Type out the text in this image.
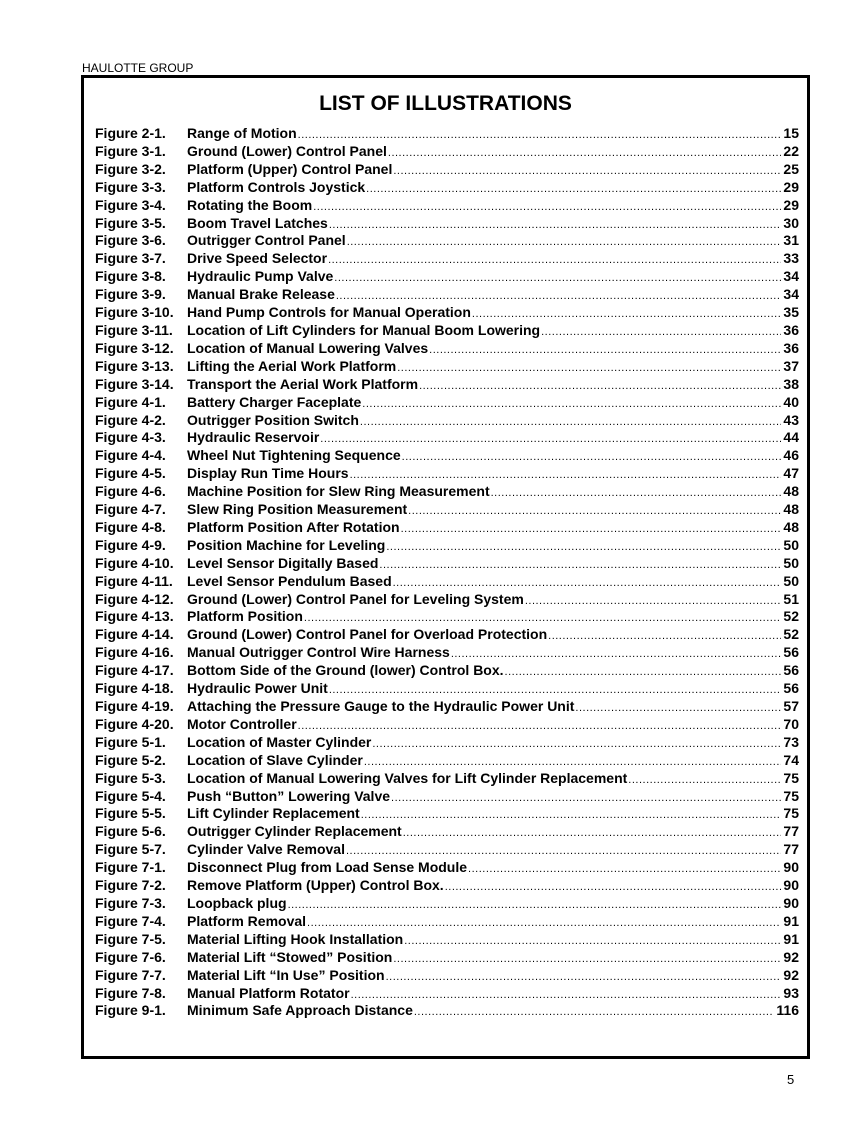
HAULOTTE GROUP
LIST OF ILLUSTRATIONS
Figure 2-1.	Range of Motion .....	15
Figure 3-1.	Ground (Lower) Control Panel .....	22
Figure 3-2.	Platform (Upper) Control Panel .....	25
Figure 3-3.	Platform Controls Joystick .....	29
Figure 3-4.	Rotating the Boom .....	29
Figure 3-5.	Boom Travel Latches .....	30
Figure 3-6.	Outrigger Control Panel .....	31
Figure 3-7.	Drive Speed Selector .....	33
Figure 3-8.	Hydraulic Pump Valve .....	34
Figure 3-9.	Manual Brake Release .....	34
Figure 3-10. Hand Pump Controls for Manual Operation .....	35
Figure 3-11.	Location of Lift Cylinders for Manual Boom Lowering .....	36
Figure 3-12. Location of Manual Lowering Valves .....	36
Figure 3-13. Lifting the Aerial Work Platform .....	37
Figure 3-14. Transport the Aerial Work Platform .....	38
Figure 4-1.	Battery Charger Faceplate .....	40
Figure 4-2.	Outrigger Position Switch .....	43
Figure 4-3.	Hydraulic Reservoir .....	44
Figure 4-4.	Wheel Nut Tightening Sequence .....	46
Figure 4-5.	Display Run Time Hours .....	47
Figure 4-6.	Machine Position for Slew Ring Measurement .....	48
Figure 4-7.	Slew Ring Position Measurement .....	48
Figure 4-8.	Platform Position After Rotation .....	48
Figure 4-9.	Position Machine for Leveling .....	50
Figure 4-10. Level Sensor Digitally Based .....	50
Figure 4-11.	Level Sensor Pendulum Based .....	50
Figure 4-12. Ground (Lower) Control Panel for Leveling System .....	51
Figure 4-13. Platform Position .....	52
Figure 4-14. Ground (Lower) Control Panel for Overload Protection .....	52
Figure 4-16. Manual Outrigger Control Wire Harness .....	56
Figure 4-17. Bottom Side of the Ground (lower) Control Box. .....	56
Figure 4-18. Hydraulic Power Unit .....	56
Figure 4-19. Attaching the Pressure Gauge to the Hydraulic Power Unit .....	57
Figure 4-20. Motor Controller .....	70
Figure 5-1.	Location of Master Cylinder .....	73
Figure 5-2.	Location of Slave Cylinder .....	74
Figure 5-3.	Location of Manual Lowering Valves for Lift Cylinder Replacement .....	75
Figure 5-4.	Push “Button” Lowering Valve .....	75
Figure 5-5.	Lift Cylinder Replacement .....	75
Figure 5-6.	Outrigger Cylinder Replacement .....	77
Figure 5-7.	Cylinder Valve Removal .....	77
Figure 7-1.	Disconnect Plug from Load Sense Module .....	90
Figure 7-2.	Remove Platform (Upper) Control Box. .....	90
Figure 7-3.	Loopback plug .....	90
Figure 7-4.	Platform Removal .....	91
Figure 7-5.	Material Lifting Hook Installation .....	91
Figure 7-6.	Material Lift “Stowed” Position .....	92
Figure 7-7.	Material Lift “In Use” Position .....	92
Figure 7-8.	Manual Platform Rotator .....	93
Figure 9-1.	Minimum Safe Approach Distance .....	116
5
